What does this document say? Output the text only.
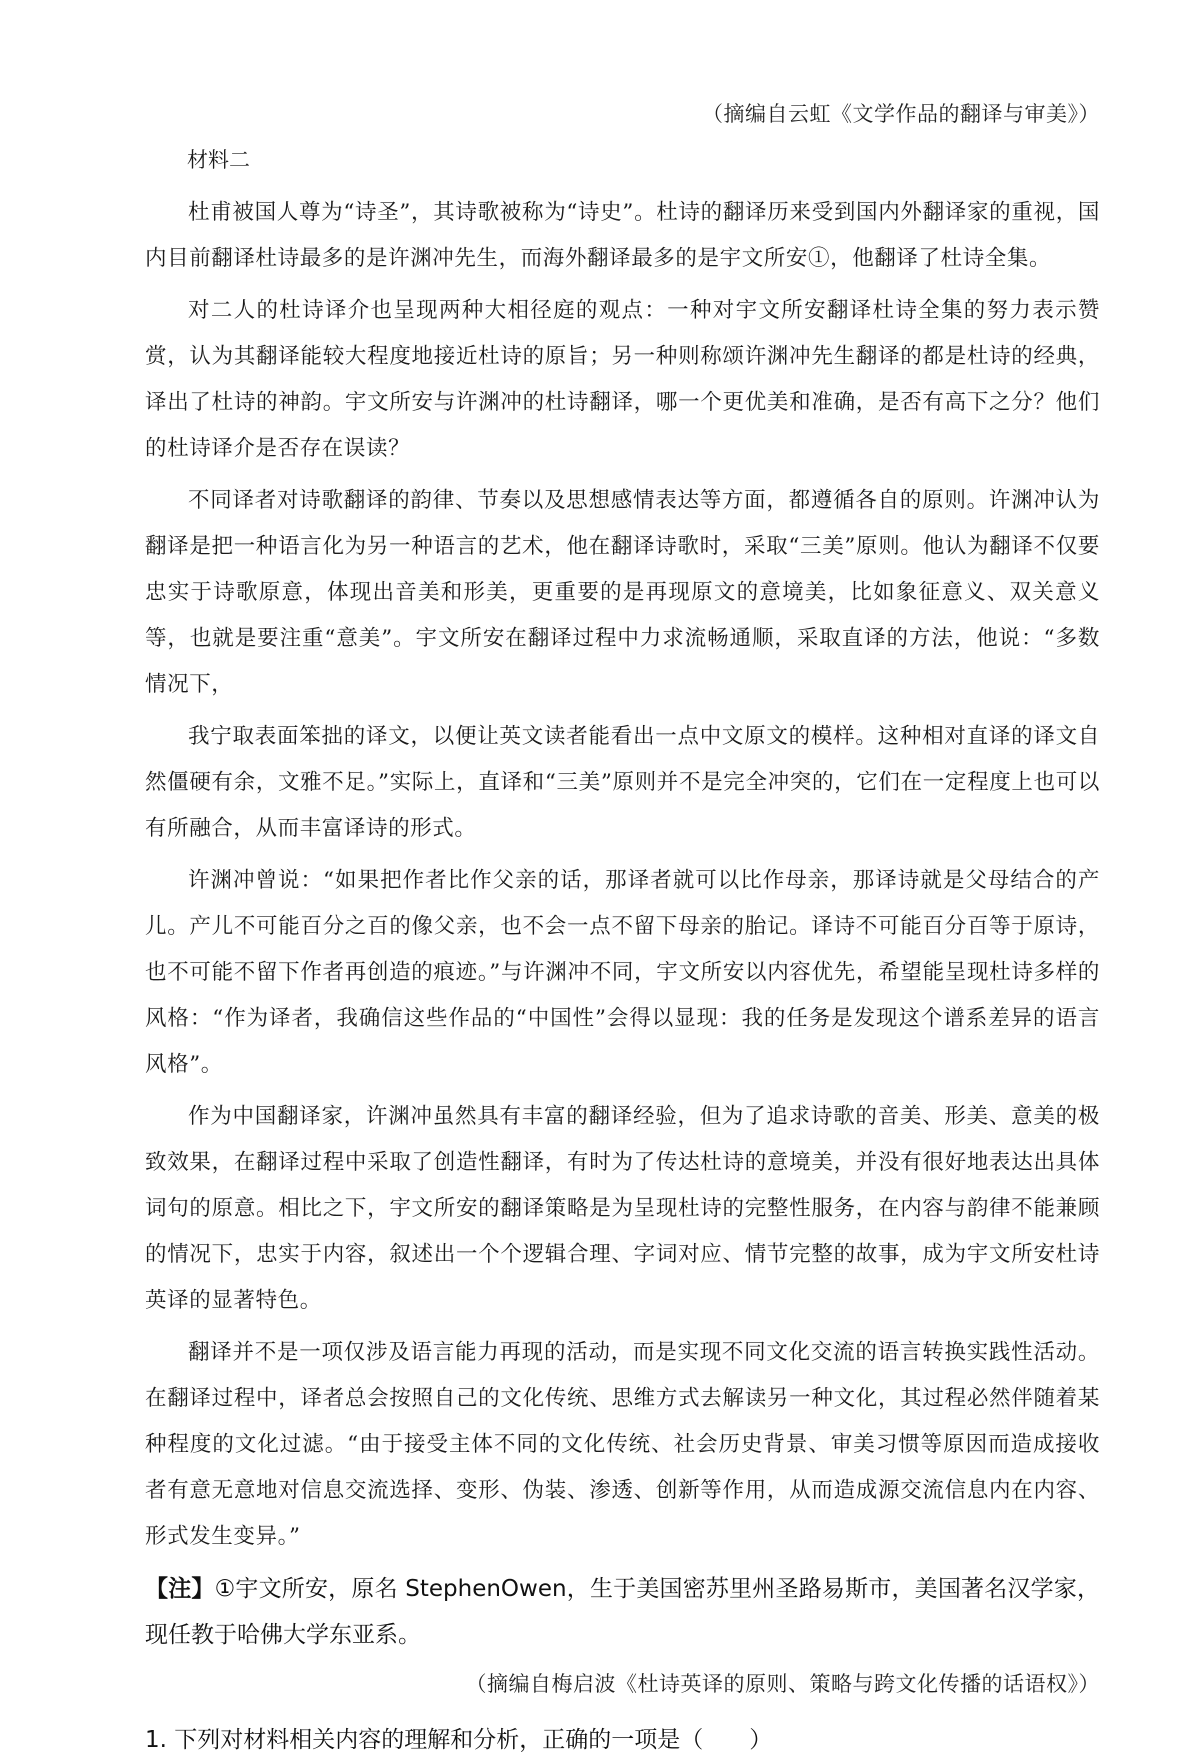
（摘编自云虹《文学作品的翻译与审美》）
材料二

杜甫被国人尊为“诗圣”，其诗歌被称为“诗史”。杜诗的翻译历来受到国内外翻译家的重视，国内目前翻译杜诗最多的是许渊冲先生，而海外翻译最多的是宇文所安①，他翻译了杜诗全集。

对二人的杜诗译介也呈现两种大相径庭的观点：一种对宇文所安翻译杜诗全集的努力表示赞赏，认为其翻译能较大程度地接近杜诗的原旨；另一种则称颂许渊冲先生翻译的都是杜诗的经典，译出了杜诗的神韵。宇文所安与许渊冲的杜诗翻译，哪一个更优美和准确，是否有高下之分？他们的杜诗译介是否存在误读？

不同译者对诗歌翻译的韵律、节奏以及思想感情表达等方面，都遵循各自的原则。许渊冲认为翻译是把一种语言化为另一种语言的艺术，他在翻译诗歌时，采取“三美”原则。他认为翻译不仅要忠实于诗歌原意，体现出音美和形美，更重要的是再现原文的意境美，比如象征意义、双关意义等，也就是要注重“意美”。宇文所安在翻译过程中力求流畅通顺，采取直译的方法，他说：“多数情况下，

我宁取表面笨拙的译文，以便让英文读者能看出一点中文原文的模样。这种相对直译的译文自然僵硬有余，文雅不足。”实际上，直译和“三美”原则并不是完全冲突的，它们在一定程度上也可以有所融合，从而丰富译诗的形式。

许渊冲曾说：“如果把作者比作父亲的话，那译者就可以比作母亲，那译诗就是父母结合的产儿。产儿不可能百分之百的像父亲，也不会一点不留下母亲的胎记。译诗不可能百分百等于原诗，也不可能不留下作者再创造的痕迹。”与许渊冲不同，宇文所安以内容优先，希望能呈现杜诗多样的风格：“作为译者，我确信这些作品的“中国性”会得以显现：我的任务是发现这个谱系差异的语言风格”。

作为中国翻译家，许渊冲虽然具有丰富的翻译经验，但为了追求诗歌的音美、形美、意美的极致效果，在翻译过程中采取了创造性翻译，有时为了传达杜诗的意境美，并没有很好地表达出具体词句的原意。相比之下，宇文所安的翻译策略是为呈现杜诗的完整性服务，在内容与韵律不能兼顾的情况下，忠实于内容，叙述出一个个逻辑合理、字词对应、情节完整的故事，成为宇文所安杜诗英译的显著特色。

翻译并不是一项仅涉及语言能力再现的活动，而是实现不同文化交流的语言转换实践性活动。在翻译过程中，译者总会按照自己的文化传统、思维方式去解读另一种文化，其过程必然伴随着某种程度的文化过滤。“由于接受主体不同的文化传统、社会历史背景、审美习惯等原因而造成接收者有意无意地对信息交流选择、变形、伪装、渗透、创新等作用，从而造成源交流信息内在内容、形式发生变异。”

【注】①宇文所安，原名 StephenOwen，生于美国密苏里州圣路易斯市，美国著名汉学家，现任教于哈佛大学东亚系。
（摘编自梅启波《杜诗英译的原则、策略与跨文化传播的话语权》）
1. 下列对材料相关内容的理解和分析，正确的一项是（　　）
